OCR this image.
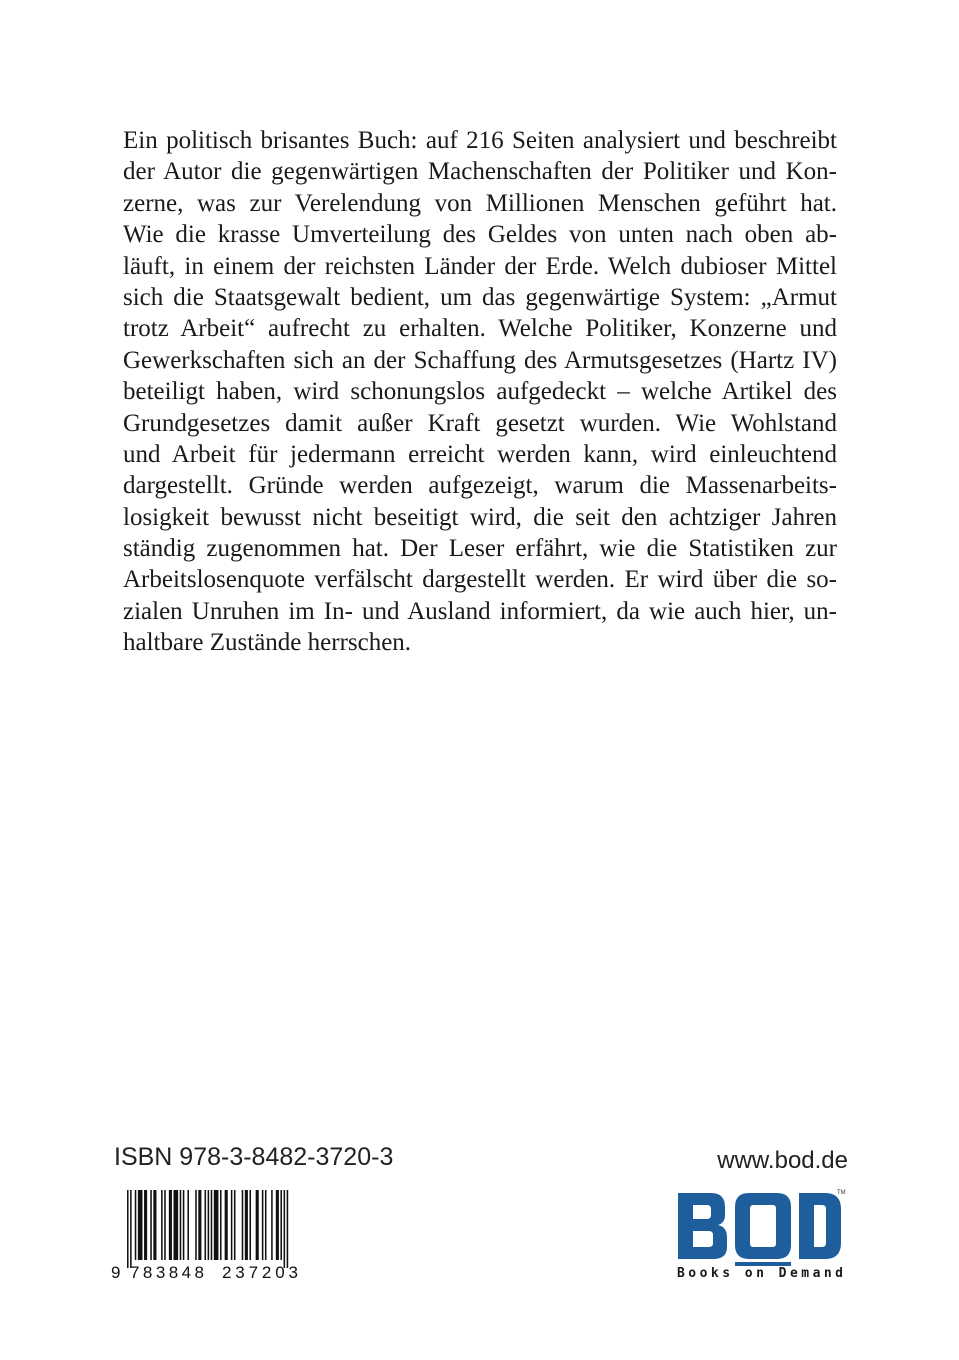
Ein politisch brisantes Buch: auf 216 Seiten analysiert und beschreibt
der Autor die gegenwärtigen Machenschaften der Politiker und Kon-
zerne, was zur Verelendung von Millionen Menschen geführt hat.
Wie die krasse Umverteilung des Geldes von unten nach oben ab-
läuft, in einem der reichsten Länder der Erde. Welch dubioser Mittel
sich die Staatsgewalt bedient, um das gegenwärtige System: „Armut
trotz Arbeit“ aufrecht zu erhalten. Welche Politiker, Konzerne und
Gewerkschaften sich an der Schaffung des Armutsgesetzes (Hartz IV)
beteiligt haben, wird schonungslos aufgedeckt – welche Artikel des
Grundgesetzes damit außer Kraft gesetzt wurden. Wie Wohlstand
und Arbeit für jedermann erreicht werden kann, wird einleuchtend
dargestellt. Gründe werden aufgezeigt, warum die Massenarbeits-
losigkeit bewusst nicht beseitigt wird, die seit den achtziger Jahren
ständig zugenommen hat. Der Leser erfährt, wie die Statistiken zur
Arbeitslosenquote verfälscht dargestellt werden. Er wird über die so-
zialen Unruhen im In- und Ausland informiert, da wie auch hier, un-
haltbare Zustände herrschen.
ISBN 978-3-8482-3720-3
9 783848 237203
www.bod.de
TM
Books on Demand
